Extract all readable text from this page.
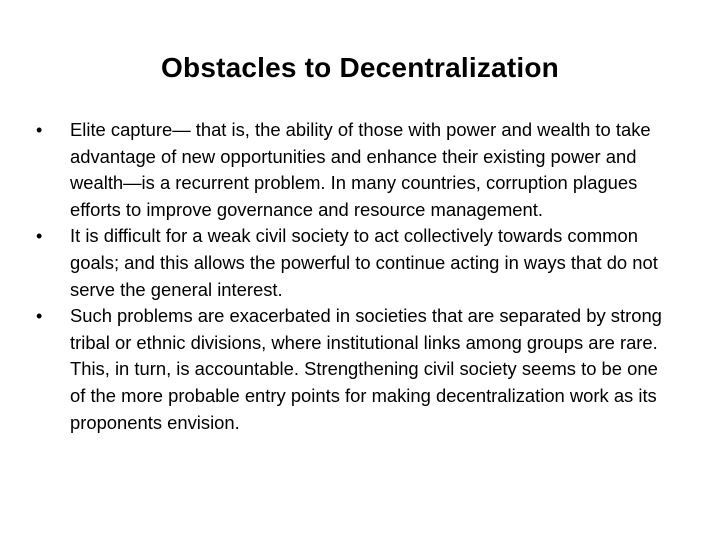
Obstacles to Decentralization
•	Elite capture— that is, the ability of those with power and wealth to take advantage of new opportunities and enhance their existing power and wealth—is a recurrent problem. In many countries, corruption plagues efforts to improve governance and resource management.
•	It is difficult for a weak civil society to act collectively towards common goals; and this allows the powerful to continue acting in ways that do not serve the general interest.
•	Such problems are exacerbated in societies that are separated by strong tribal or ethnic divisions, where institutional links among groups are rare. This, in turn, is accountable. Strengthening civil society seems to be one of the more probable entry points for making decentralization work as its proponents envision.
